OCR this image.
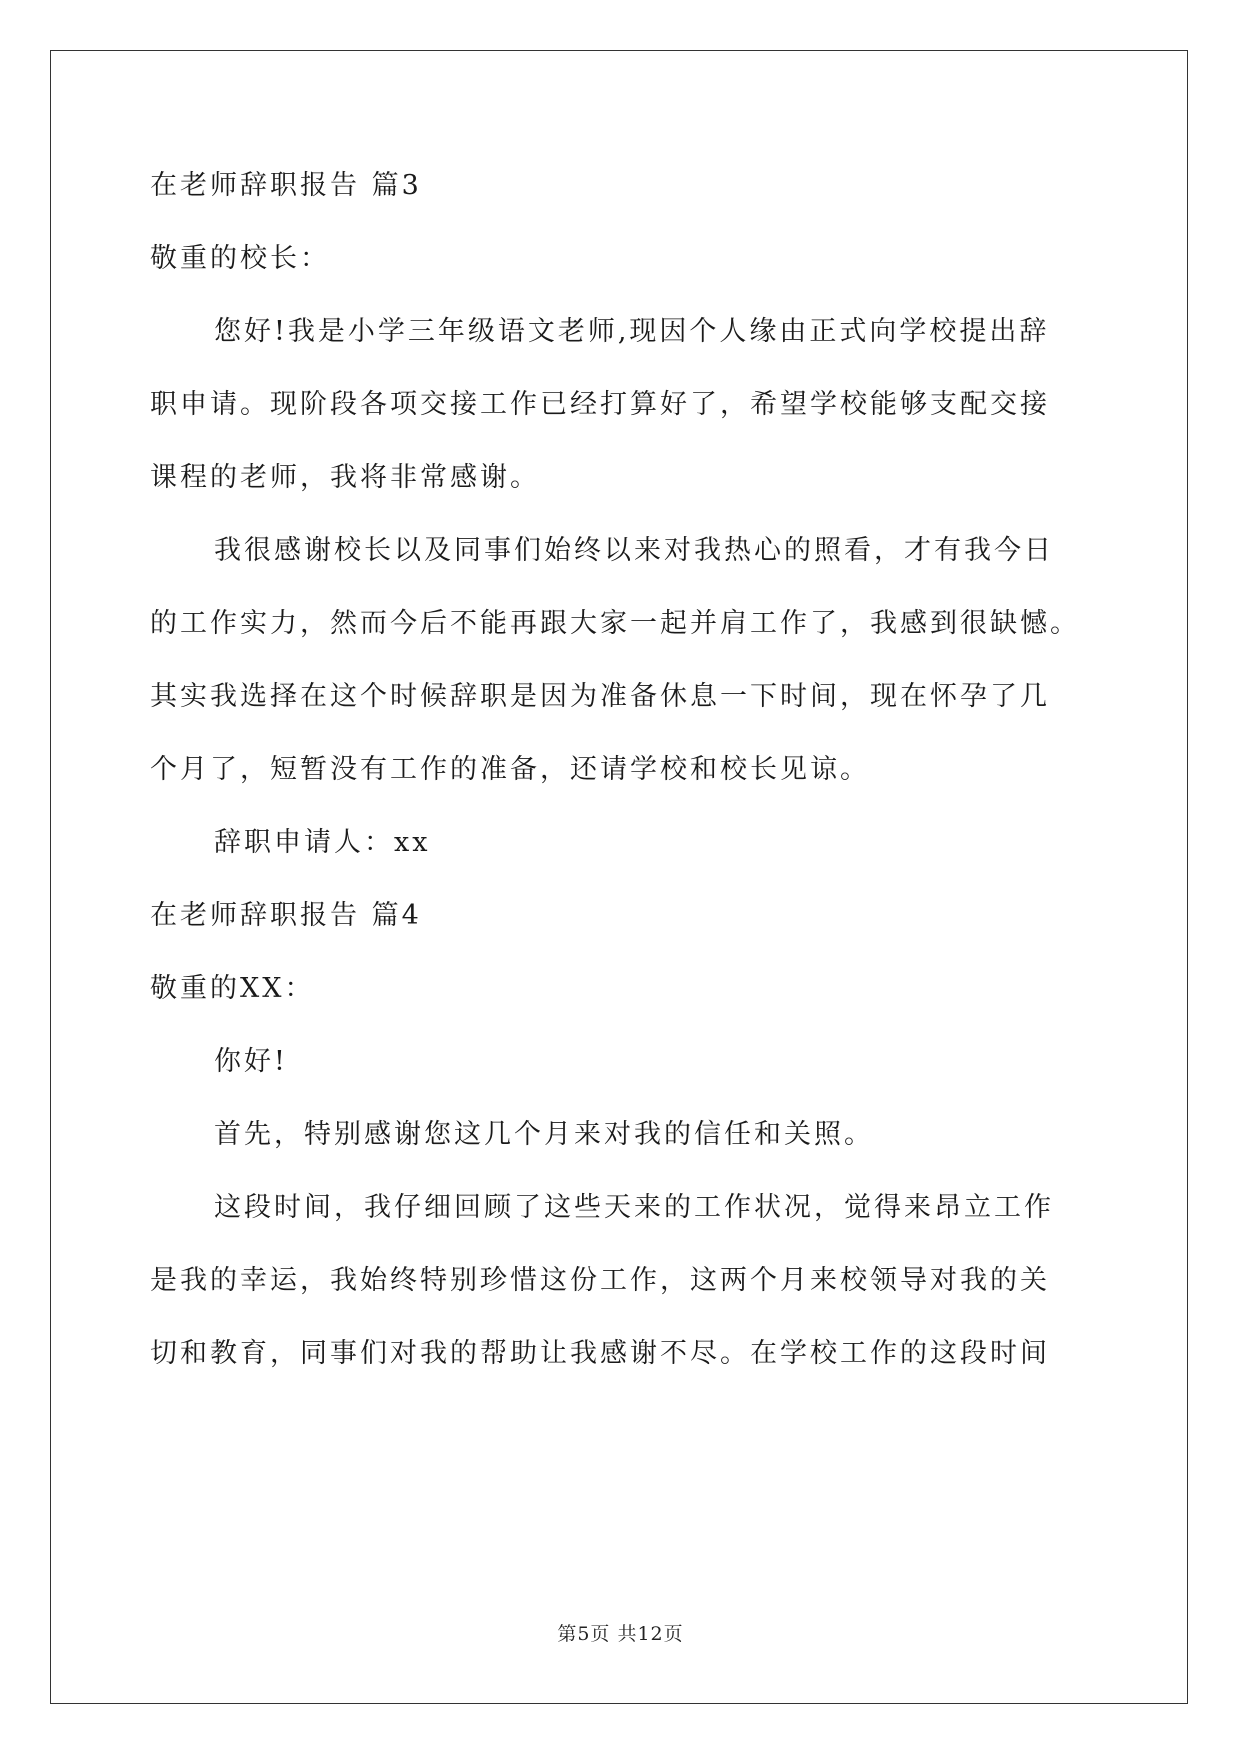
在老师辞职报告 篇3
敬重的校长：
您好!我是小学三年级语文老师,现因个人缘由正式向学校提出辞
职申请。现阶段各项交接工作已经打算好了，希望学校能够支配交接
课程的老师，我将非常感谢。
我很感谢校长以及同事们始终以来对我热心的照看，才有我今日
的工作实力，然而今后不能再跟大家一起并肩工作了，我感到很缺憾。
其实我选择在这个时候辞职是因为准备休息一下时间，现在怀孕了几
个月了，短暂没有工作的准备，还请学校和校长见谅。
辞职申请人：xx
在老师辞职报告 篇4
敬重的XX：
你好!
首先，特别感谢您这几个月来对我的信任和关照。
这段时间，我仔细回顾了这些天来的工作状况，觉得来昂立工作
是我的幸运，我始终特别珍惜这份工作，这两个月来校领导对我的关
切和教育，同事们对我的帮助让我感谢不尽。在学校工作的这段时间
第5页 共12页
